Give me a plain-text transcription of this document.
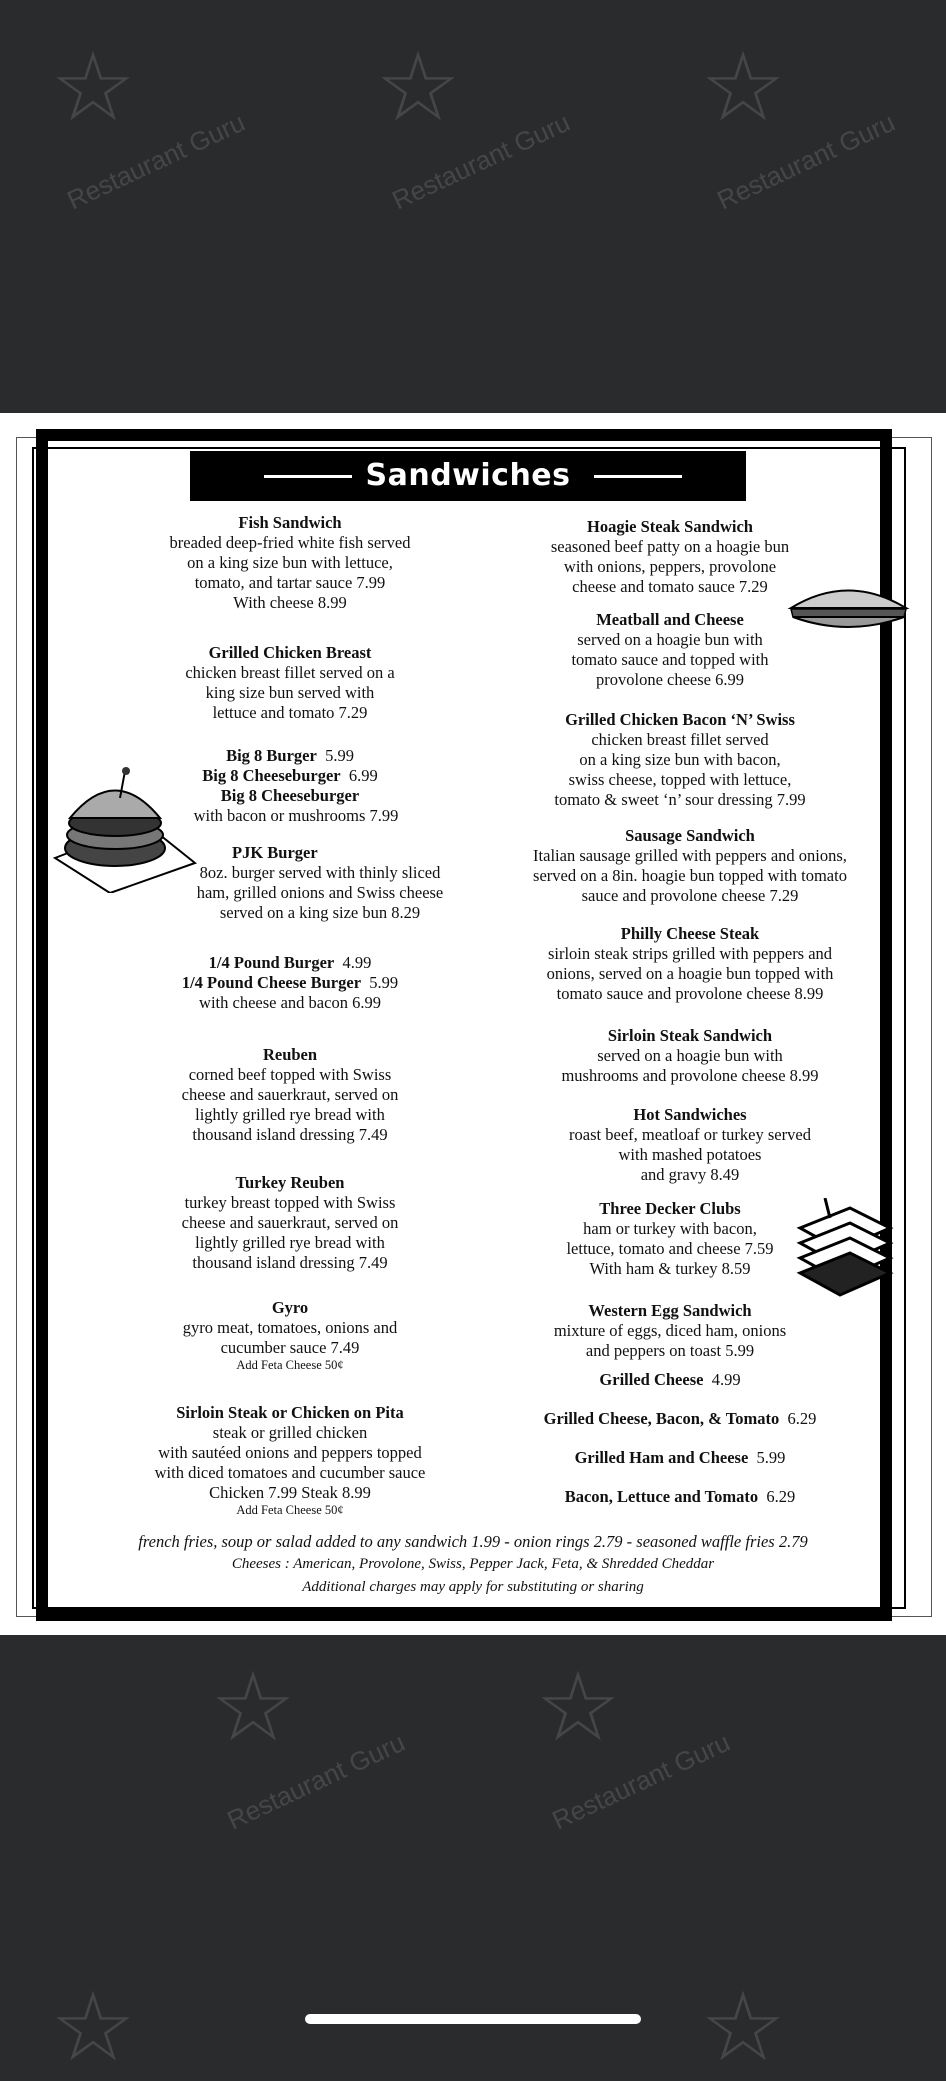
☆
Restaurant Guru
☆
Restaurant Guru
☆
Restaurant Guru
☆
Restaurant Guru
☆
Restaurant Guru
☆	☆
Sandwiches
Fish Sandwich
breaded deep-fried white fish served
on a king size bun with lettuce,
tomato, and tartar sauce 7.99
With cheese 8.99
Grilled Chicken Breast
chicken breast fillet served on a
king size bun served with
lettuce and tomato 7.29
Big 8 Burger  5.99
Big 8 Cheeseburger  6.99
Big 8 Cheeseburger
with bacon or mushrooms 7.99
PJK Burger
8oz. burger served with thinly sliced
ham, grilled onions and Swiss cheese
served on a king size bun 8.29
1/4 Pound Burger  4.99
1/4 Pound Cheese Burger  5.99
with cheese and bacon 6.99
Reuben
corned beef topped with Swiss
cheese and sauerkraut, served on
lightly grilled rye bread with
thousand island dressing 7.49
Turkey Reuben
turkey breast topped with Swiss
cheese and sauerkraut, served on
lightly grilled rye bread with
thousand island dressing 7.49
Gyro
gyro meat, tomatoes, onions and
cucumber sauce 7.49
Add Feta Cheese 50¢
Sirloin Steak or Chicken on Pita
steak or grilled chicken
with sautéed onions and peppers topped
with diced tomatoes and cucumber sauce
Chicken 7.99 Steak 8.99
Add Feta Cheese 50¢
Hoagie Steak Sandwich
seasoned beef patty on a hoagie bun
with onions, peppers, provolone
cheese and tomato sauce 7.29
Meatball and Cheese
served on a hoagie bun with
tomato sauce and topped with
provolone cheese 6.99
Grilled Chicken Bacon ‘N’ Swiss
chicken breast fillet served
on a king size bun with bacon,
swiss cheese, topped with lettuce,
tomato & sweet ‘n’ sour dressing 7.99
Sausage Sandwich
Italian sausage grilled with peppers and onions,
served on a 8in. hoagie bun topped with tomato
sauce and provolone cheese 7.29
Philly Cheese Steak
sirloin steak strips grilled with peppers and
onions, served on a hoagie bun topped with
tomato sauce and provolone cheese 8.99
Sirloin Steak Sandwich
served on a hoagie bun with
mushrooms and provolone cheese 8.99
Hot Sandwiches
roast beef, meatloaf or turkey served
with mashed potatoes
and gravy 8.49
Three Decker Clubs
ham or turkey with bacon,
lettuce, tomato and cheese 7.59
With ham & turkey 8.59
Western Egg Sandwich
mixture of eggs, diced ham, onions
and peppers on toast 5.99
Grilled Cheese  4.99
Grilled Cheese, Bacon, & Tomato  6.29
Grilled Ham and Cheese  5.99
Bacon, Lettuce and Tomato  6.29
french fries, soup or salad added to any sandwich 1.99 - onion rings 2.79 - seasoned waffle fries 2.79
Cheeses : American, Provolone, Swiss, Pepper Jack, Feta, & Shredded Cheddar
Additional charges may apply for substituting or sharing
